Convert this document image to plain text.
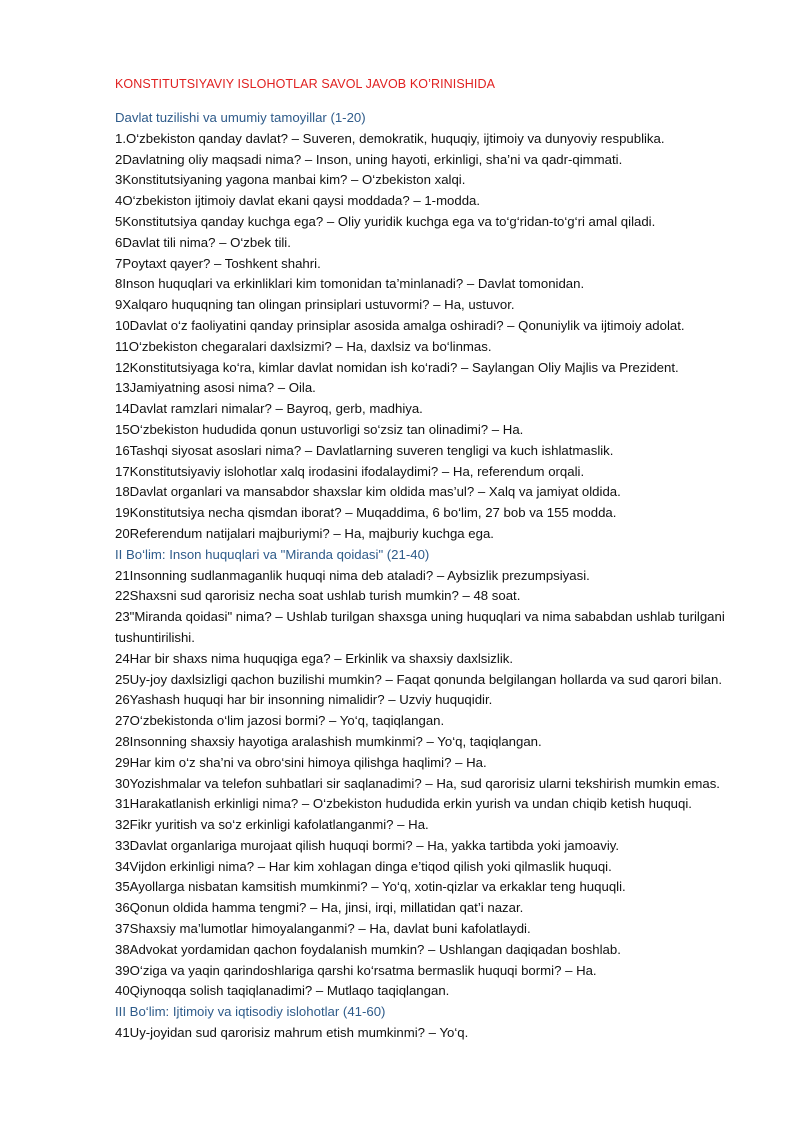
KONSTITUTSIYAVIY ISLOHOTLAR SAVOL JAVOB KO’RINISHIDA
Davlat tuzilishi va umumiy tamoyillar (1-20)
1.O‘zbekiston qanday davlat? – Suveren, demokratik, huquqiy, ijtimoiy va dunyoviy respublika.
2Davlatning oliy maqsadi nima? – Inson, uning hayoti, erkinligi, sha’ni va qadr-qimmati.
3Konstitutsiyaning yagona manbai kim? – O‘zbekiston xalqi.
4O‘zbekiston ijtimoiy davlat ekani qaysi moddada? – 1-modda.
5Konstitutsiya qanday kuchga ega? – Oliy yuridik kuchga ega va to‘g‘ridan-to‘g‘ri amal qiladi.
6Davlat tili nima? – O‘zbek tili.
7Poytaxt qayer? – Toshkent shahri.
8Inson huquqlari va erkinliklari kim tomonidan ta’minlanadi? – Davlat tomonidan.
9Xalqaro huquqning tan olingan prinsiplari ustuvormi? – Ha, ustuvor.
10Davlat o‘z faoliyatini qanday prinsiplar asosida amalga oshiradi? – Qonuniylik va ijtimoiy adolat.
11O‘zbekiston chegaralari daxlsizmi? – Ha, daxlsiz va bo‘linmas.
12Konstitutsiyaga ko‘ra, kimlar davlat nomidan ish ko‘radi? – Saylangan Oliy Majlis va Prezident.
13Jamiyatning asosi nima? – Oila.
14Davlat ramzlari nimalar? – Bayroq, gerb, madhiya.
15O‘zbekiston hududida qonun ustuvorligi so‘zsiz tan olinadimi? – Ha.
16Tashqi siyosat asoslari nima? – Davlatlarning suveren tengligi va kuch ishlatmaslik.
17Konstitutsiyaviy islohotlar xalq irodasini ifodalaydimi? – Ha, referendum orqali.
18Davlat organlari va mansabdor shaxslar kim oldida mas’ul? – Xalq va jamiyat oldida.
19Konstitutsiya necha qismdan iborat? – Muqaddima, 6 bo‘lim, 27 bob va 155 modda.
20Referendum natijalari majburiymi? – Ha, majburiy kuchga ega.
II Bo‘lim: Inson huquqlari va "Miranda qoidasi" (21-40)
21Insonning sudlanmaganlik huquqi nima deb ataladi? – Aybsizlik prezumpsiyasi.
22Shaxsni sud qarorisiz necha soat ushlab turish mumkin? – 48 soat.
23"Miranda qoidasi" nima? – Ushlab turilgan shaxsga uning huquqlari va nima sababdan ushlab turilgani tushuntirilishi.
24Har bir shaxs nima huquqiga ega? – Erkinlik va shaxsiy daxlsizlik.
25Uy-joy daxlsizligi qachon buzilishi mumkin? – Faqat qonunda belgilangan hollarda va sud qarori bilan.
26Yashash huquqi har bir insonning nimalidir? – Uzviy huquqidir.
27O‘zbekistonda o‘lim jazosi bormi? – Yo‘q, taqiqlangan.
28Insonning shaxsiy hayotiga aralashish mumkinmi? – Yo‘q, taqiqlangan.
29Har kim o‘z sha’ni va obro‘sini himoya qilishga haqlimi? – Ha.
30Yozishmalar va telefon suhbatlari sir saqlanadimi? – Ha, sud qarorisiz ularni tekshirish mumkin emas.
31Harakatlanish erkinligi nima? – O‘zbekiston hududida erkin yurish va undan chiqib ketish huquqi.
32Fikr yuritish va so‘z erkinligi kafolatlanganmi? – Ha.
33Davlat organlariga murojaat qilish huquqi bormi? – Ha, yakka tartibda yoki jamoaviy.
34Vijdon erkinligi nima? – Har kim xohlagan dinga e’tiqod qilish yoki qilmaslik huquqi.
35Ayollarga nisbatan kamsitish mumkinmi? – Yo‘q, xotin-qizlar va erkaklar teng huquqli.
36Qonun oldida hamma tengmi? – Ha, jinsi, irqi, millatidan qat’i nazar.
37Shaxsiy ma’lumotlar himoyalanganmi? – Ha, davlat buni kafolatlaydi.
38Advokat yordamidan qachon foydalanish mumkin? – Ushlangan daqiqadan boshlab.
39O‘ziga va yaqin qarindoshlariga qarshi ko‘rsatma bermaslik huquqi bormi? – Ha.
40Qiynoqqa solish taqiqlanadimi? – Mutlaqo taqiqlangan.
III Bo‘lim: Ijtimoiy va iqtisodiy islohotlar (41-60)
41Uy-joyidan sud qarorisiz mahrum etish mumkinmi? – Yo‘q.
